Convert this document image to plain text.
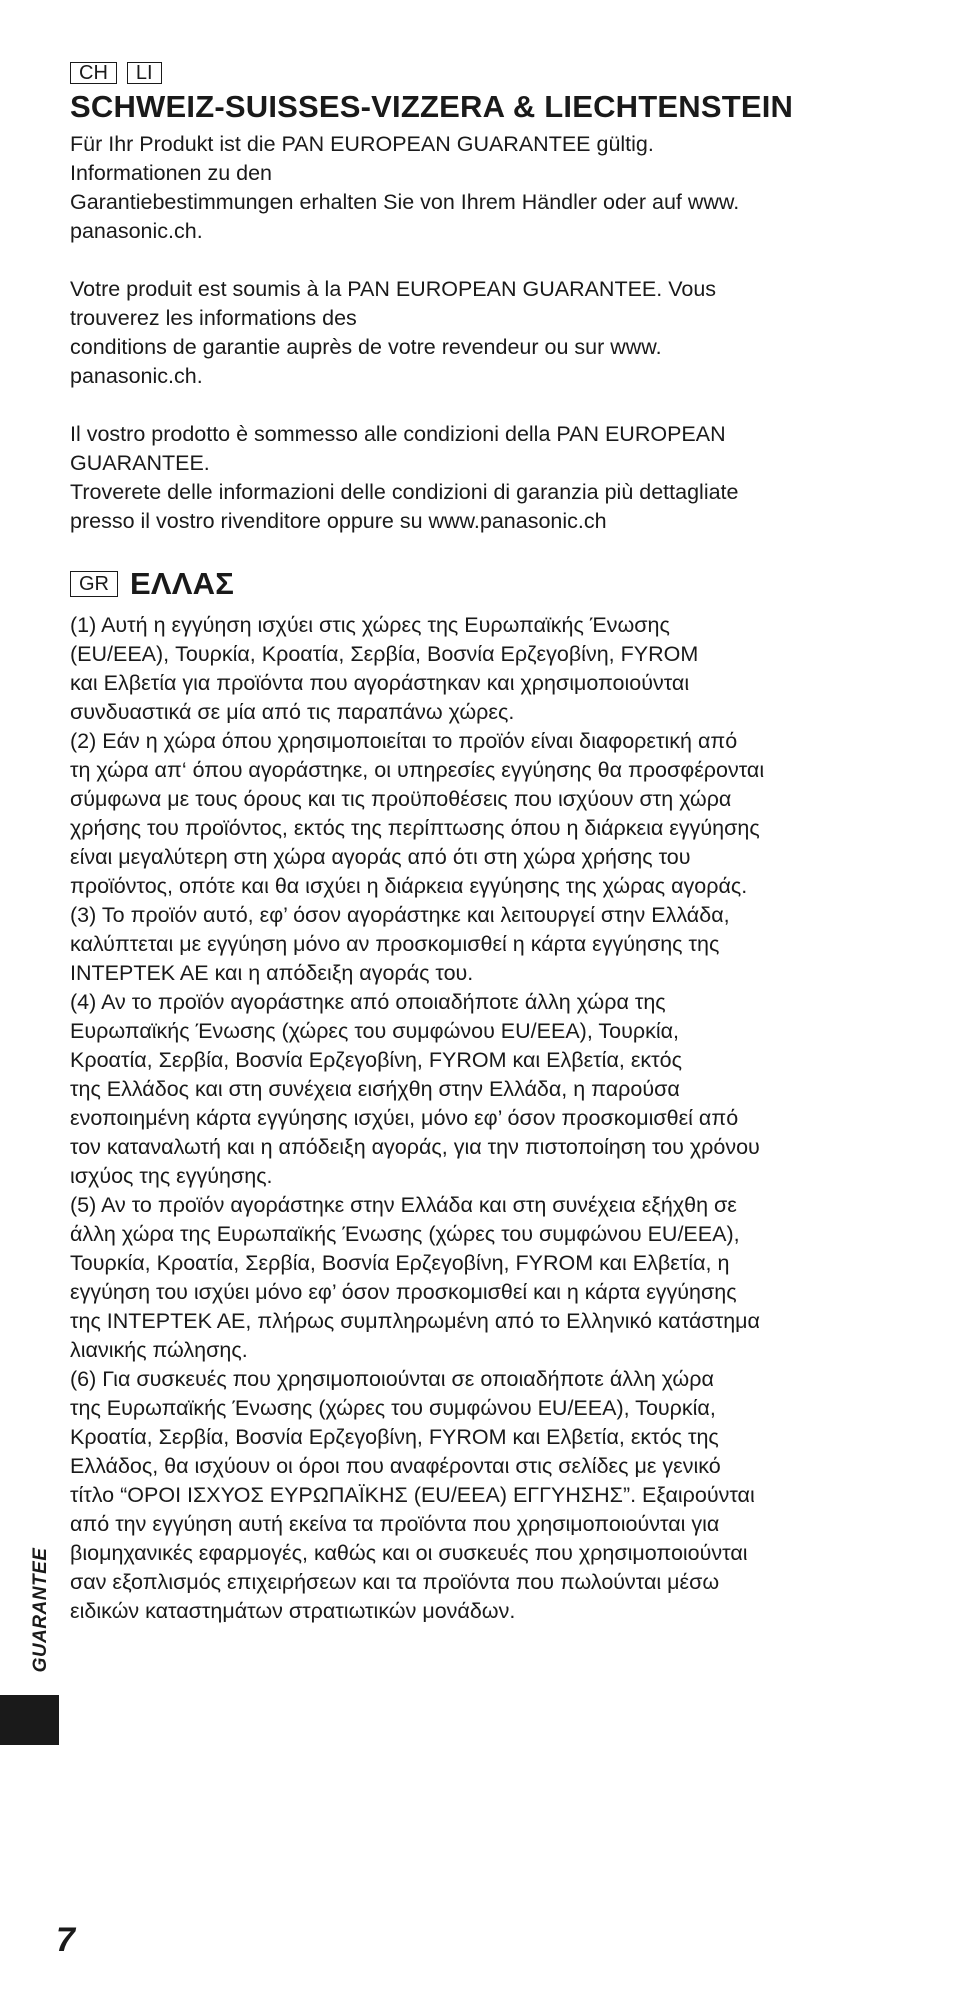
CH	LI
SCHWEIZ-SUISSES-VIZZERA & LIECHTENSTEIN
Für Ihr Produkt ist die PAN EUROPEAN GUARANTEE gültig.
Informationen zu den
Garantiebestimmungen erhalten Sie von Ihrem Händler oder auf www.
panasonic.ch.
Votre produit est soumis à la PAN EUROPEAN GUARANTEE. Vous
trouverez les informations des
conditions de garantie auprès de votre revendeur ou sur www.
panasonic.ch.
Il vostro prodotto è sommesso alle condizioni della PAN EUROPEAN
GUARANTEE.
Troverete delle informazioni delle condizioni di garanzia più dettagliate
presso il vostro rivenditore oppure su www.panasonic.ch
GR ΕΛΛΑΣ
(1) Αυτή η εγγύηση ισχύει στις χώρες της Ευρωπαϊκής Ένωσης
(EU/EEA), Τουρκία, Κροατία, Σερβία, Βοσνία Ερζεγοβίνη, FYROM
και Ελβετία για προϊόντα που αγοράστηκαν και χρησιμοποιούνται
συνδυαστικά σε μία από τις παραπάνω χώρες.
(2) Εάν η χώρα όπου χρησιμοποιείται το προϊόν είναι διαφορετική από
τη χώρα απ‘ όπου αγοράστηκε, οι υπηρεσίες εγγύησης θα προσφέρονται
σύμφωνα με τους όρους και τις προϋποθέσεις που ισχύουν στη χώρα
χρήσης του προϊόντος, εκτός της περίπτωσης όπου η διάρκεια εγγύησης
είναι μεγαλύτερη στη χώρα αγοράς από ότι στη χώρα χρήσης του
προϊόντος, οπότε και θα ισχύει η διάρκεια εγγύησης της χώρας αγοράς.
(3) Το προϊόν αυτό, εφ’ όσον αγοράστηκε και λειτουργεί στην Ελλάδα,
καλύπτεται με εγγύηση μόνο αν προσκομισθεί η κάρτα εγγύησης της
INTEPTEK AE και η απόδειξη αγοράς του.
(4) Αν το προϊόν αγοράστηκε από οποιαδήποτε άλλη χώρα της
Ευρωπαϊκής Ένωσης (χώρες του συμφώνου EU/EEA), Τουρκία,
Κροατία, Σερβία, Βοσνία Ερζεγοβίνη, FYROM και Ελβετία, εκτός
της Ελλάδος και στη συνέχεια εισήχθη στην Ελλάδα, η παρούσα
ενοποιημένη κάρτα εγγύησης ισχύει, μόνο εφ’ όσον προσκομισθεί από
τον καταναλωτή και η απόδειξη αγοράς, για την πιστοποίηση του χρόνου
ισχύος της εγγύησης.
(5) Αν το προϊόν αγοράστηκε στην Ελλάδα και στη συνέχεια εξήχθη σε
άλλη χώρα της Ευρωπαϊκής Ένωσης (χώρες του συμφώνου EU/EEA),
Τουρκία, Κροατία, Σερβία, Βοσνία Ερζεγοβίνη, FYROM και Ελβετία, η
εγγύηση του ισχύει μόνο εφ’ όσον προσκομισθεί και η κάρτα εγγύησης
της INTEPTEK AE, πλήρως συμπληρωμένη από το Ελληνικό κατάστημα
λιανικής πώλησης.
(6) Για συσκευές που χρησιμοποιούνται σε οποιαδήποτε άλλη χώρα
της Ευρωπαϊκής Ένωσης (χώρες του συμφώνου EU/EEA), Τουρκία,
Κροατία, Σερβία, Βοσνία Ερζεγοβίνη, FYROM και Ελβετία, εκτός της
Ελλάδος, θα ισχύουν οι όροι που αναφέρονται στις σελίδες με γενικό
τίτλο “ΟΡΟΙ ΙΣΧΥΟΣ ΕΥΡΩΠΑΪΚΗΣ (EU/EEA) ΕΓΓΥΗΣΗΣ”. Εξαιρούνται
από την εγγύηση αυτή εκείνα τα προϊόντα που χρησιμοποιούνται για
βιομηχανικές εφαρμογές, καθώς και οι συσκευές που χρησιμοποιούνται
σαν εξοπλισμός επιχειρήσεων και τα προϊόντα που πωλούνται μέσω
ειδικών καταστημάτων στρατιωτικών μονάδων.
GUARANTEE
7
